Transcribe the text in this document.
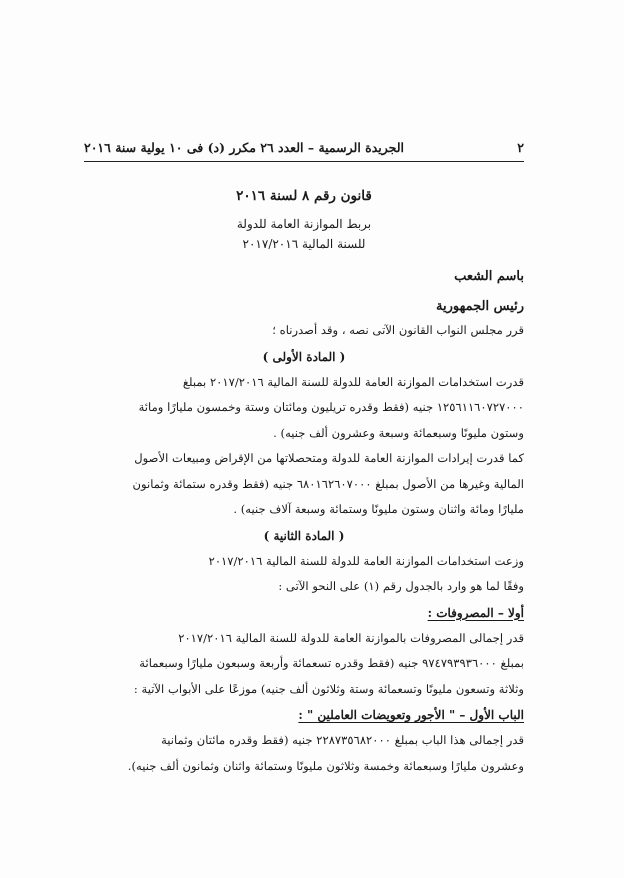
٢
الجريدة الرسمية – العدد ٢٦ مكرر (د) فى ١٠ يولية سنة ٢٠١٦
قانون رقم ٨ لسنة ٢٠١٦
بربط الموازنة العامة للدولة
للسنة المالية ٢٠١٧/٢٠١٦
باسم الشعب
رئيس الجمهورية
قرر مجلس النواب القانون الآتى نصه ، وقد أصدرناه ؛
( المادة الأولى )
قدرت استخدامات الموازنة العامة للدولة للسنة المالية ٢٠١٧/٢٠١٦ بمبلغ
١٢٥٦١١٦٠٧٢٧٠٠٠ جنيه (فقط وقدره تريليون ومائتان وستة وخمسون مليارًا ومائة
وستون مليونًا وسبعمائة وسبعة وعشرون ألف جنيه) .
كما قدرت إيرادات الموازنة العامة للدولة ومتحصلاتها من الإقراض ومبيعات الأصول
المالية وغيرها من الأصول بمبلغ ٦٨٠١٦٢٦٠٧٠٠٠ جنيه (فقط وقدره ستمائة وثمانون
مليارًا ومائة واثنان وستون مليونًا وستمائة وسبعة آلاف جنيه) .
( المادة الثانية )
وزعت استخدامات الموازنة العامة للدولة للسنة المالية ٢٠١٧/٢٠١٦
وفقًا لما هو وارد بالجدول رقم (١) على النحو الآتى :
أولا – المصروفات :
قدر إجمالى المصروفات بالموازنة العامة للدولة للسنة المالية ٢٠١٧/٢٠١٦
بمبلغ ٩٧٤٧٩٣٩٣٦٠٠٠ جنيه (فقط وقدره تسعمائة وأربعة وسبعون مليارًا وسبعمائة
وثلاثة وتسعون مليونًا وتسعمائة وستة وثلاثون ألف جنيه) موزعًا على الأبواب الآتية :
الباب الأول – " الأجور وتعويضات العاملين " :
قدر إجمالى هذا الباب بمبلغ ٢٢٨٧٣٥٦٨٢٠٠٠ جنيه (فقط وقدره مائتان وثمانية
وعشرون مليارًا وسبعمائة وخمسة وثلاثون مليونًا وستمائة واثنان وثمانون ألف جنيه).
